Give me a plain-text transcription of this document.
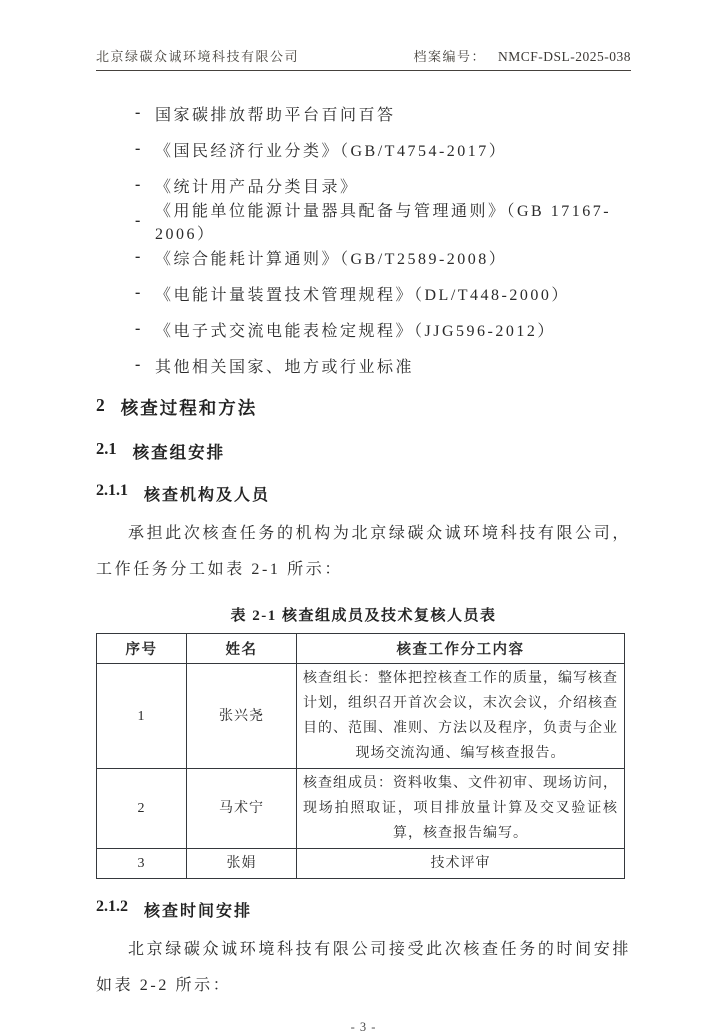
北京绿碳众诚环境科技有限公司	档案编号： NMCF-DSL-2025-038
- 国家碳排放帮助平台百问百答
- 《国民经济行业分类》（GB/T4754-2017）
- 《统计用产品分类目录》
-
《用能单位能源计量器具配备与管理通则》（GB 17167-2006）
- 《综合能耗计算通则》（GB/T2589-2008）
- 《电能计量装置技术管理规程》（DL/T448-2000）
- 《电子式交流电能表检定规程》（JJG596-2012）
- 其他相关国家、地方或行业标准
2 核查过程和方法
2.1 核查组安排
2.1.1 核查机构及人员

承担此次核查任务的机构为北京绿碳众诚环境科技有限公司，工作任务分工如表 2-1 所示：

表 2-1 核查组成员及技术复核人员表
序号	姓名	核查工作分工内容
1	张兴尧	核查组长：整体把控核查工作的质量，编写核查计划，组织召开首次会议，末次会议，介绍核查目的、范围、准则、方法以及程序，负责与企业现场交流沟通、编写核查报告。
2	马术宁	核查组成员：资料收集、文件初审、现场访问，现场拍照取证，项目排放量计算及交叉验证核算，核查报告编写。
3	张娟	技术评审
2.1.2 核查时间安排

北京绿碳众诚环境科技有限公司接受此次核查任务的时间安排如表 2-2 所示：

- 3 -
